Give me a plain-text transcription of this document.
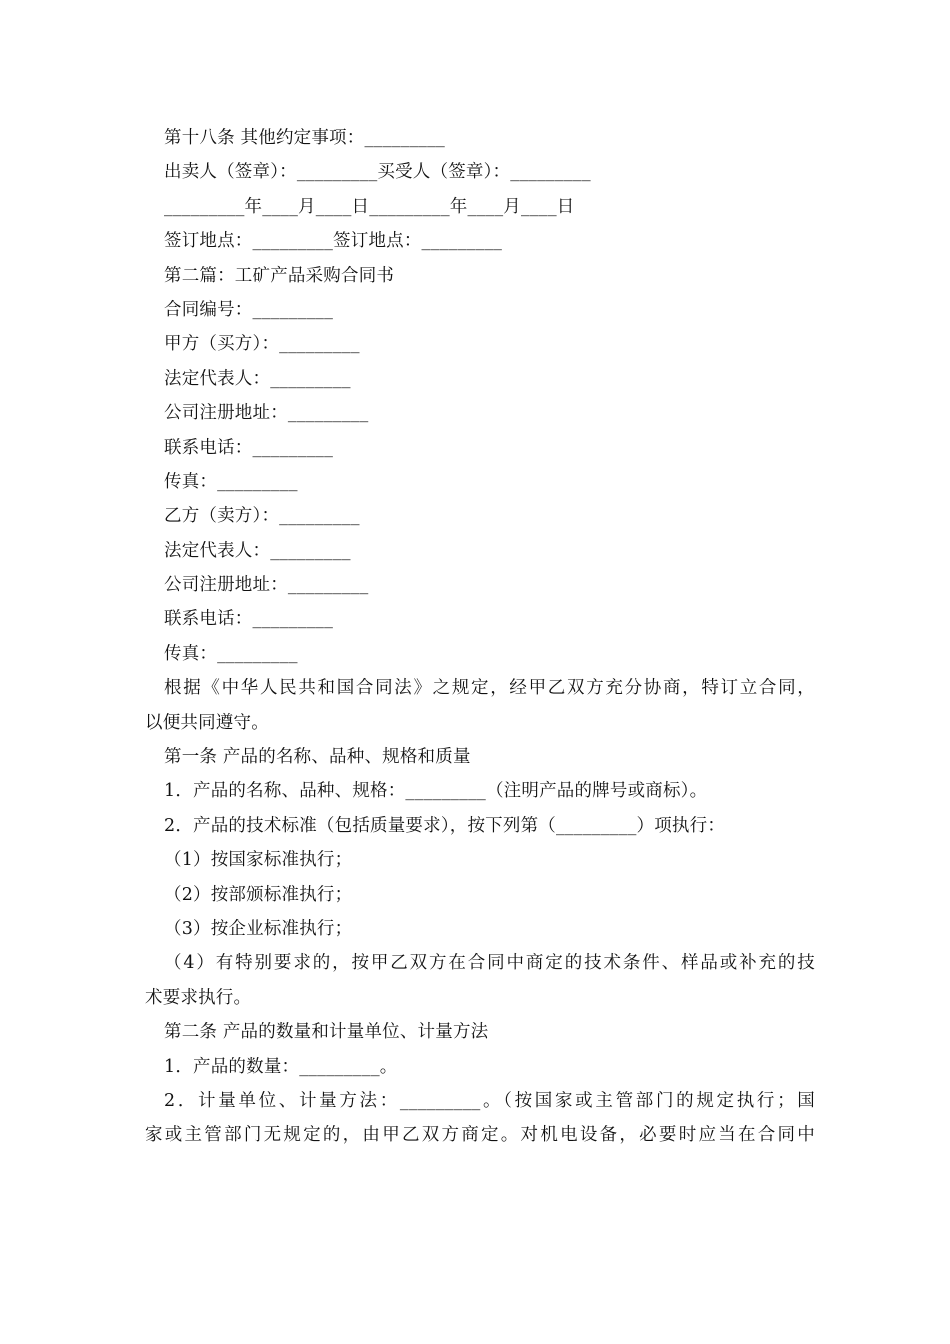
第十八条 其他约定事项：_________
出卖人（签章）：_________买受人（签章）：_________
_________年____月____日_________年____月____日
签订地点：_________签订地点：_________
第二篇：工矿产品采购合同书
合同编号：_________
甲方（买方）：_________
法定代表人：_________
公司注册地址：_________
联系电话：_________
传真：_________
乙方（卖方）：_________
法定代表人：_________
公司注册地址：_________
联系电话：_________
传真：_________
根据《中华人民共和国合同法》之规定，经甲乙双方充分协商，特订立合同，
以便共同遵守。
第一条 产品的名称、品种、规格和质量
1．产品的名称、品种、规格：_________（注明产品的牌号或商标）。
2．产品的技术标准（包括质量要求），按下列第（_________）项执行：
（1）按国家标准执行；
（2）按部颁标准执行；
（3）按企业标准执行；
（4）有特别要求的，按甲乙双方在合同中商定的技术条件、样品或补充的技
术要求执行。
第二条 产品的数量和计量单位、计量方法
1．产品的数量：_________。
2．计量单位、计量方法：_________。（按国家或主管部门的规定执行；国
家或主管部门无规定的，由甲乙双方商定。对机电设备，必要时应当在合同中
